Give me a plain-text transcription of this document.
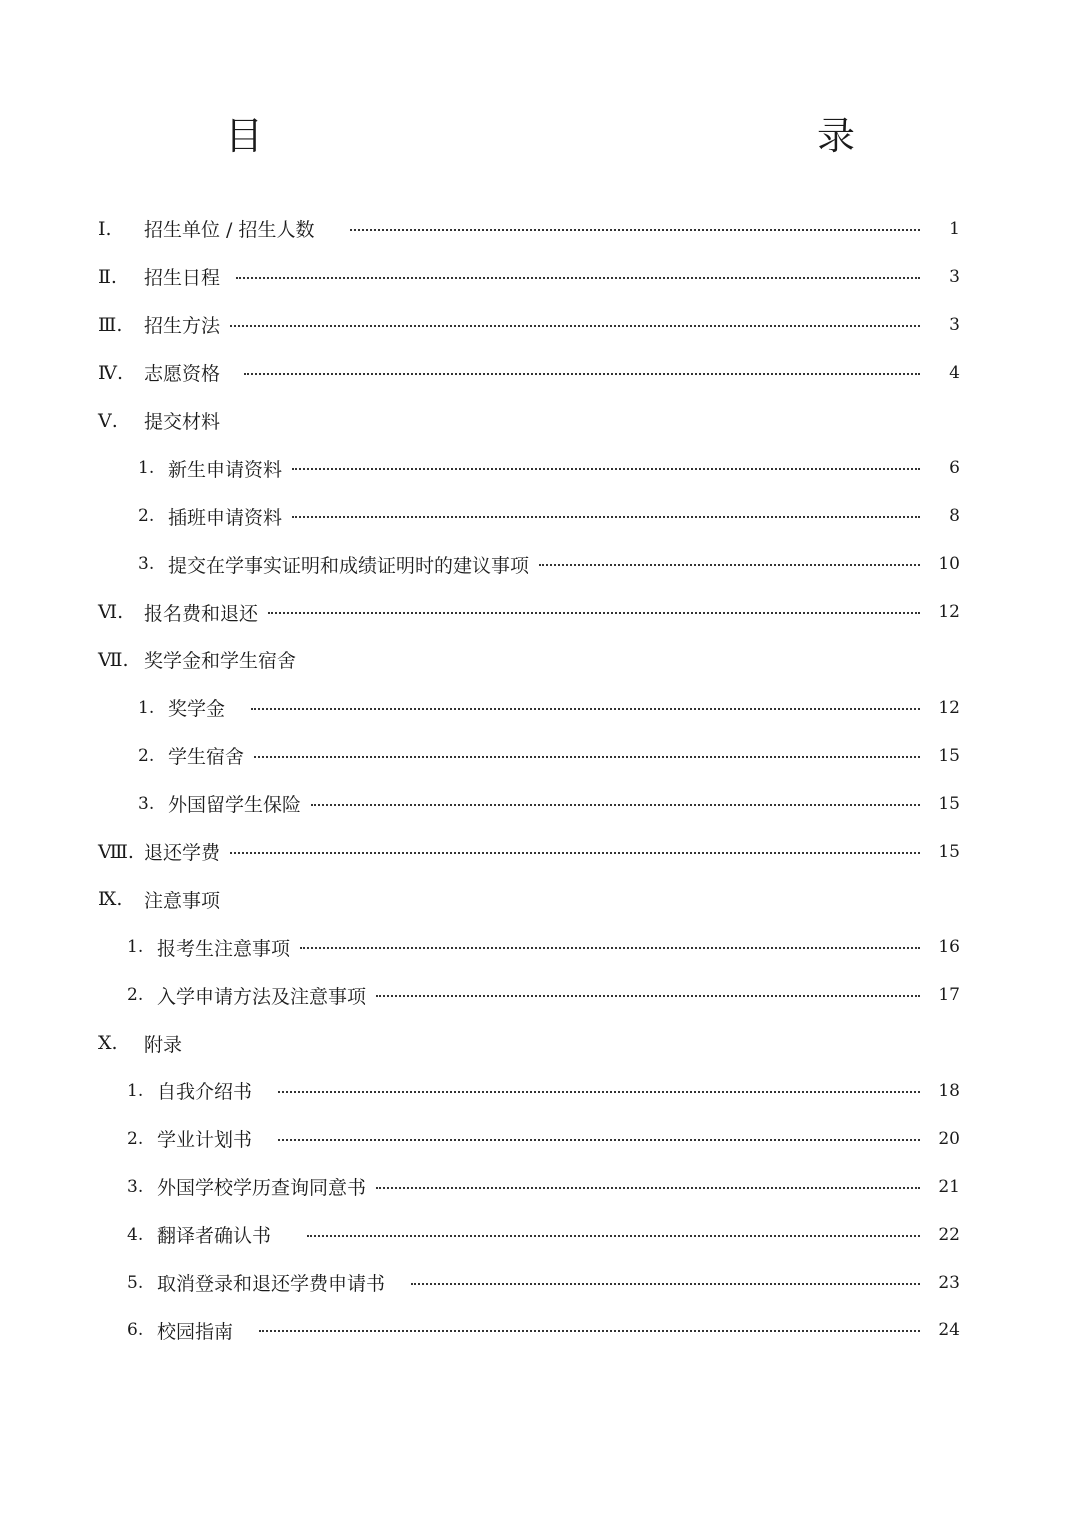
目　　　录
Ⅰ.	招生单位 / 招生人数	1
Ⅱ.	招生日程	3
Ⅲ.	招生方法	3
Ⅳ.	志愿资格	4
Ⅴ.	提交材料
1. 新生申请资料	6
2. 插班申请资料	8
3. 提交在学事实证明和成绩证明时的建议事项	10
Ⅵ.	报名费和退还	12
Ⅶ. 奖学金和学生宿舍
1. 奖学金	12
2. 学生宿舍	15
3. 外国留学生保险	15
Ⅷ. 退还学费	15
Ⅸ.	注意事项
1. 报考生注意事项	16
2. 入学申请方法及注意事项	17
Ⅹ.	附录
1. 自我介绍书	18
2. 学业计划书	20
3. 外国学校学历查询同意书	21
4. 翻译者确认书	22
5. 取消登录和退还学费申请书	23
6. 校园指南	24
